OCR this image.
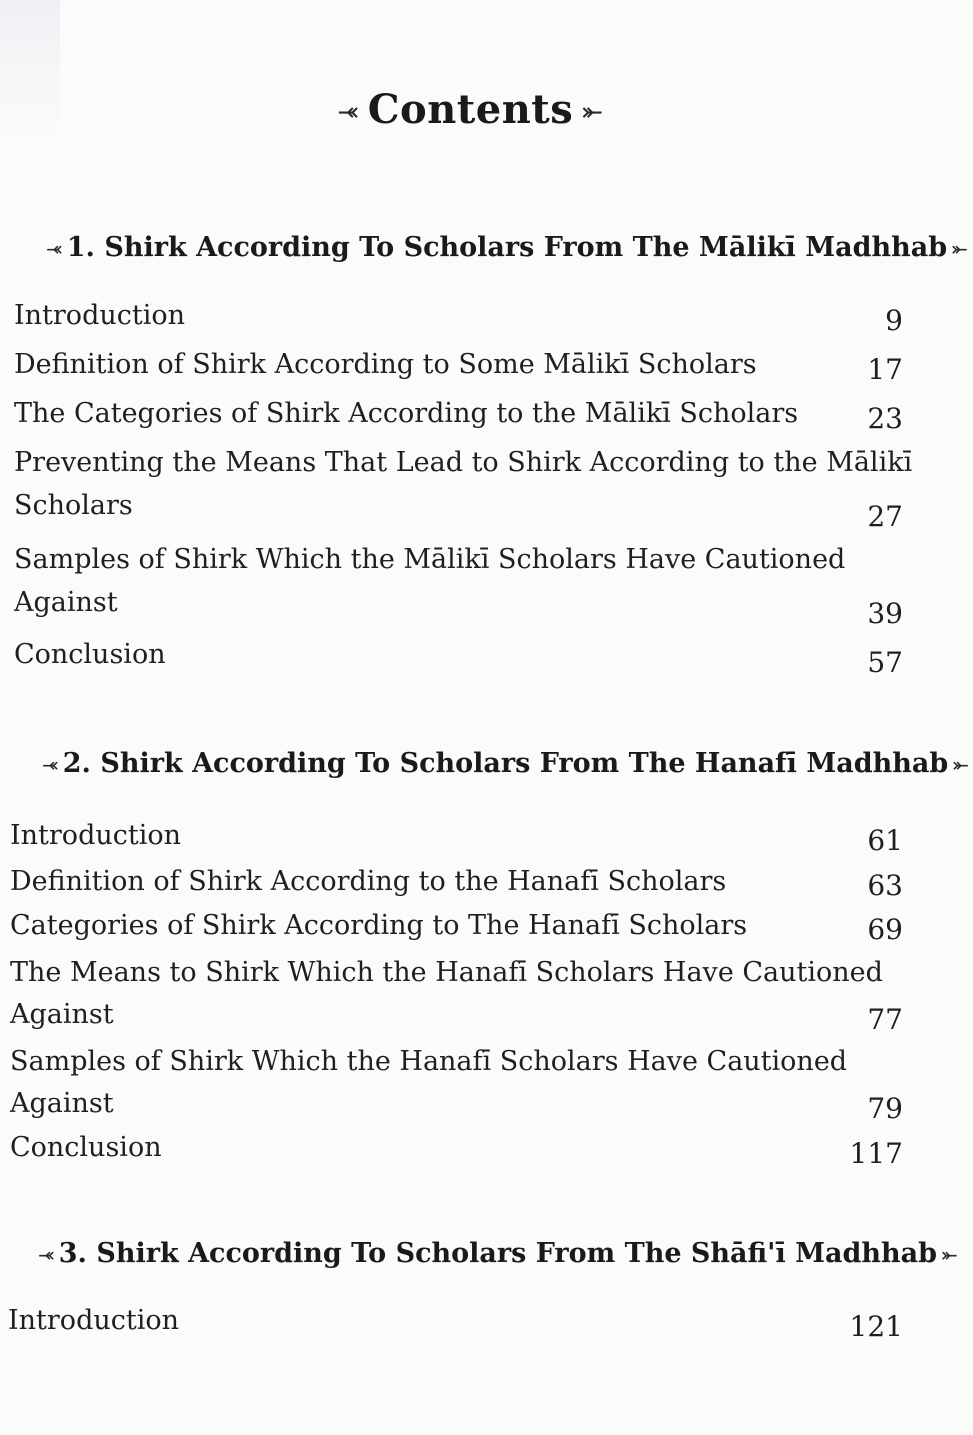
⤛ Contents ⤜
⤛ 1. Shirk According To Scholars From The Mālikī Madhhab ⤜
Introduction	9
Definition of Shirk According to Some Mālikī Scholars	17
The Categories of Shirk According to the Mālikī Scholars 23
Preventing the Means That Lead to Shirk According to the Mālikī
Scholars	27
Samples of Shirk Which the Mālikī Scholars Have Cautioned
Against	39
Conclusion	57
⤛ 2. Shirk According To Scholars From The Hanafī Madhhab ⤜
Introduction	61
Definition of Shirk According to the Hanafī Scholars	63
Categories of Shirk According to The Hanafī Scholars	69
The Means to Shirk Which the Hanafī Scholars Have Cautioned
Against	77
Samples of Shirk Which the Hanafī Scholars Have Cautioned
Against	79
Conclusion	117
⤛ 3. Shirk According To Scholars From The Shāfi'ī Madhhab ⤜
Introduction	121
